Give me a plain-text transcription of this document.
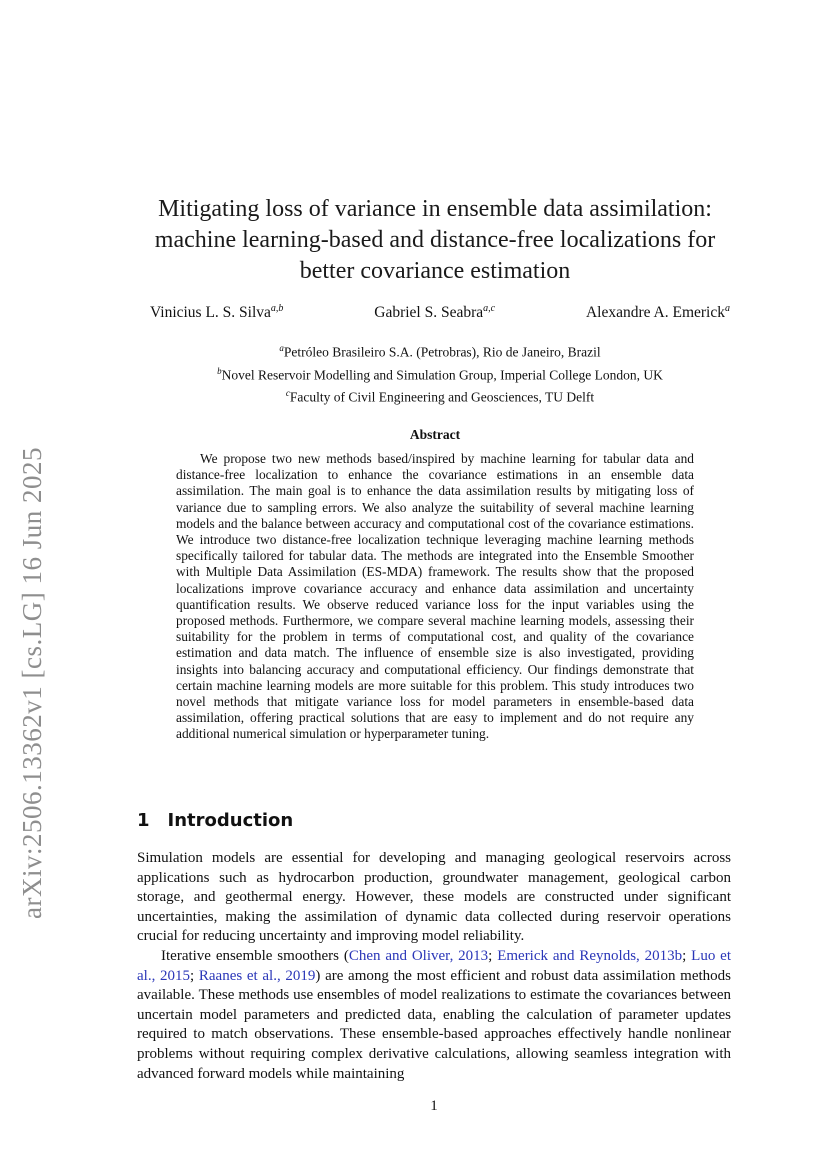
arXiv:2506.13362v1 [cs.LG] 16 Jun 2025
Mitigating loss of variance in ensemble data assimilation:
machine learning-based and distance-free localizations for
better covariance estimation
Vinicius L. S. Silva$^{a,b}$	Gabriel S. Seabra$^{a,c}$	Alexandre A. Emerick$^a$
$^a$Petróleo Brasileiro S.A. (Petrobras), Rio de Janeiro, Brazil
$^b$Novel Reservoir Modelling and Simulation Group, Imperial College London, UK
$^c$Faculty of Civil Engineering and Geosciences, TU Delft
Abstract
We propose two new methods based/inspired by machine learning for tabular data and distance-free localization to enhance the covariance estimations in an ensemble data assimilation. The main goal is to enhance the data assimilation results by mitigating loss of variance due to sampling errors. We also analyze the suitability of several machine learning models and the balance between accuracy and computational cost of the covariance estimations. We introduce two distance-free localization technique leveraging machine learning methods specifically tailored for tabular data. The methods are integrated into the Ensemble Smoother with Multiple Data Assimilation (ES-MDA) framework. The results show that the proposed localizations improve covariance accuracy and enhance data assimilation and uncertainty quantification results. We observe reduced variance loss for the input variables using the proposed methods. Furthermore, we compare several machine learning models, assessing their suitability for the problem in terms of computational cost, and quality of the covariance estimation and data match. The influence of ensemble size is also investigated, providing insights into balancing accuracy and computational efficiency. Our findings demonstrate that certain machine learning models are more suitable for this problem. This study introduces two novel methods that mitigate variance loss for model parameters in ensemble-based data assimilation, offering practical solutions that are easy to implement and do not require any additional numerical simulation or hyperparameter tuning.
1 Introduction

Simulation models are essential for developing and managing geological reservoirs across applications such as hydrocarbon production, groundwater management, geological carbon storage, and geothermal energy. However, these models are constructed under significant uncertainties, making the assimilation of dynamic data collected during reservoir operations crucial for reducing uncertainty and improving model reliability.

Iterative ensemble smoothers (Chen and Oliver, 2013; Emerick and Reynolds, 2013b; Luo et al., 2015; Raanes et al., 2019) are among the most efficient and robust data assimilation methods available. These methods use ensembles of model realizations to estimate the covariances between uncertain model parameters and predicted data, enabling the calculation of parameter updates required to match observations. These ensemble-based approaches effectively handle nonlinear problems without requiring complex derivative calculations, allowing seamless integration with advanced forward models while maintaining

1
